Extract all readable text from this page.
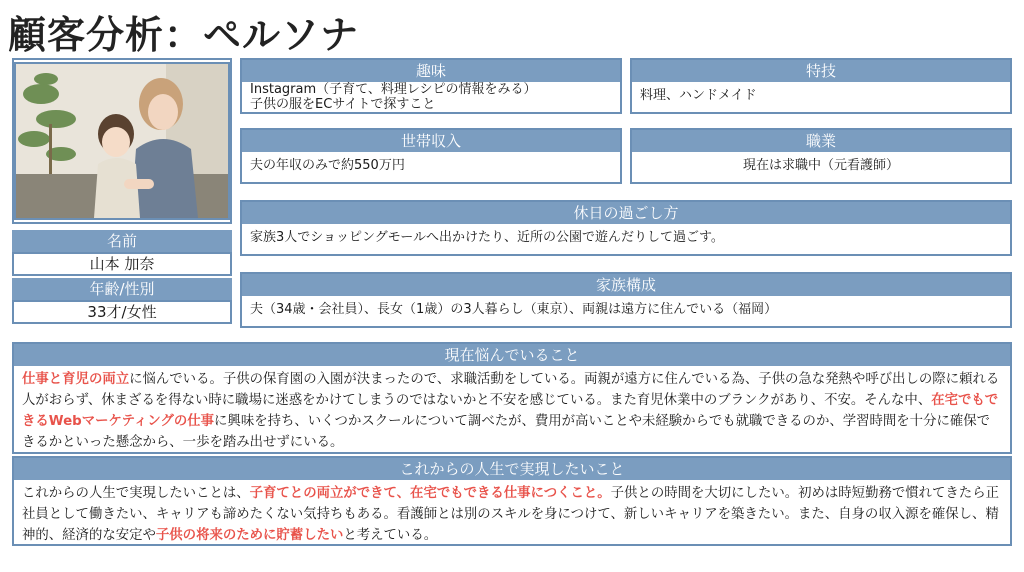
顧客分析：ペルソナ
名前
山本 加奈
年齢/性別
33才/女性
趣味
Instagram（子育て、料理レシピの情報をみる）
子供の服をECサイトで探すこと
特技
料理、ハンドメイド
世帯収入
夫の年収のみで約550万円
職業
現在は求職中（元看護師）
休日の過ごし方
家族3人でショッピングモールへ出かけたり、近所の公園で遊んだりして過ごす。
家族構成
夫（34歳・会社員）、長女（1歳）の3人暮らし（東京）、両親は遠方に住んでいる（福岡）
現在悩んでいること
仕事と育児の両立に悩んでいる。子供の保育園の入園が決まったので、求職活動をしている。両親が遠方に住んでいる為、子供の急な発熱や呼び出しの際に頼れる人がおらず、休まざるを得ない時に職場に迷惑をかけてしまうのではないかと不安を感じている。また育児休業中のブランクがあり、不安。そんな中、在宅でもできるWebマーケティングの仕事に興味を持ち、いくつかスクールについて調べたが、費用が高いことや未経験からでも就職できるのか、学習時間を十分に確保できるかといった懸念から、一歩を踏み出せずにいる。
これからの人生で実現したいこと
これからの人生で実現したいことは、子育てとの両立ができて、在宅でもできる仕事につくこと。子供との時間を大切にしたい。初めは時短勤務で慣れてきたら正社員として働きたい、キャリアも諦めたくない気持ちもある。看護師とは別のスキルを身につけて、新しいキャリアを築きたい。また、自身の収入源を確保し、精神的、経済的な安定や子供の将来のために貯蓄したいと考えている。
